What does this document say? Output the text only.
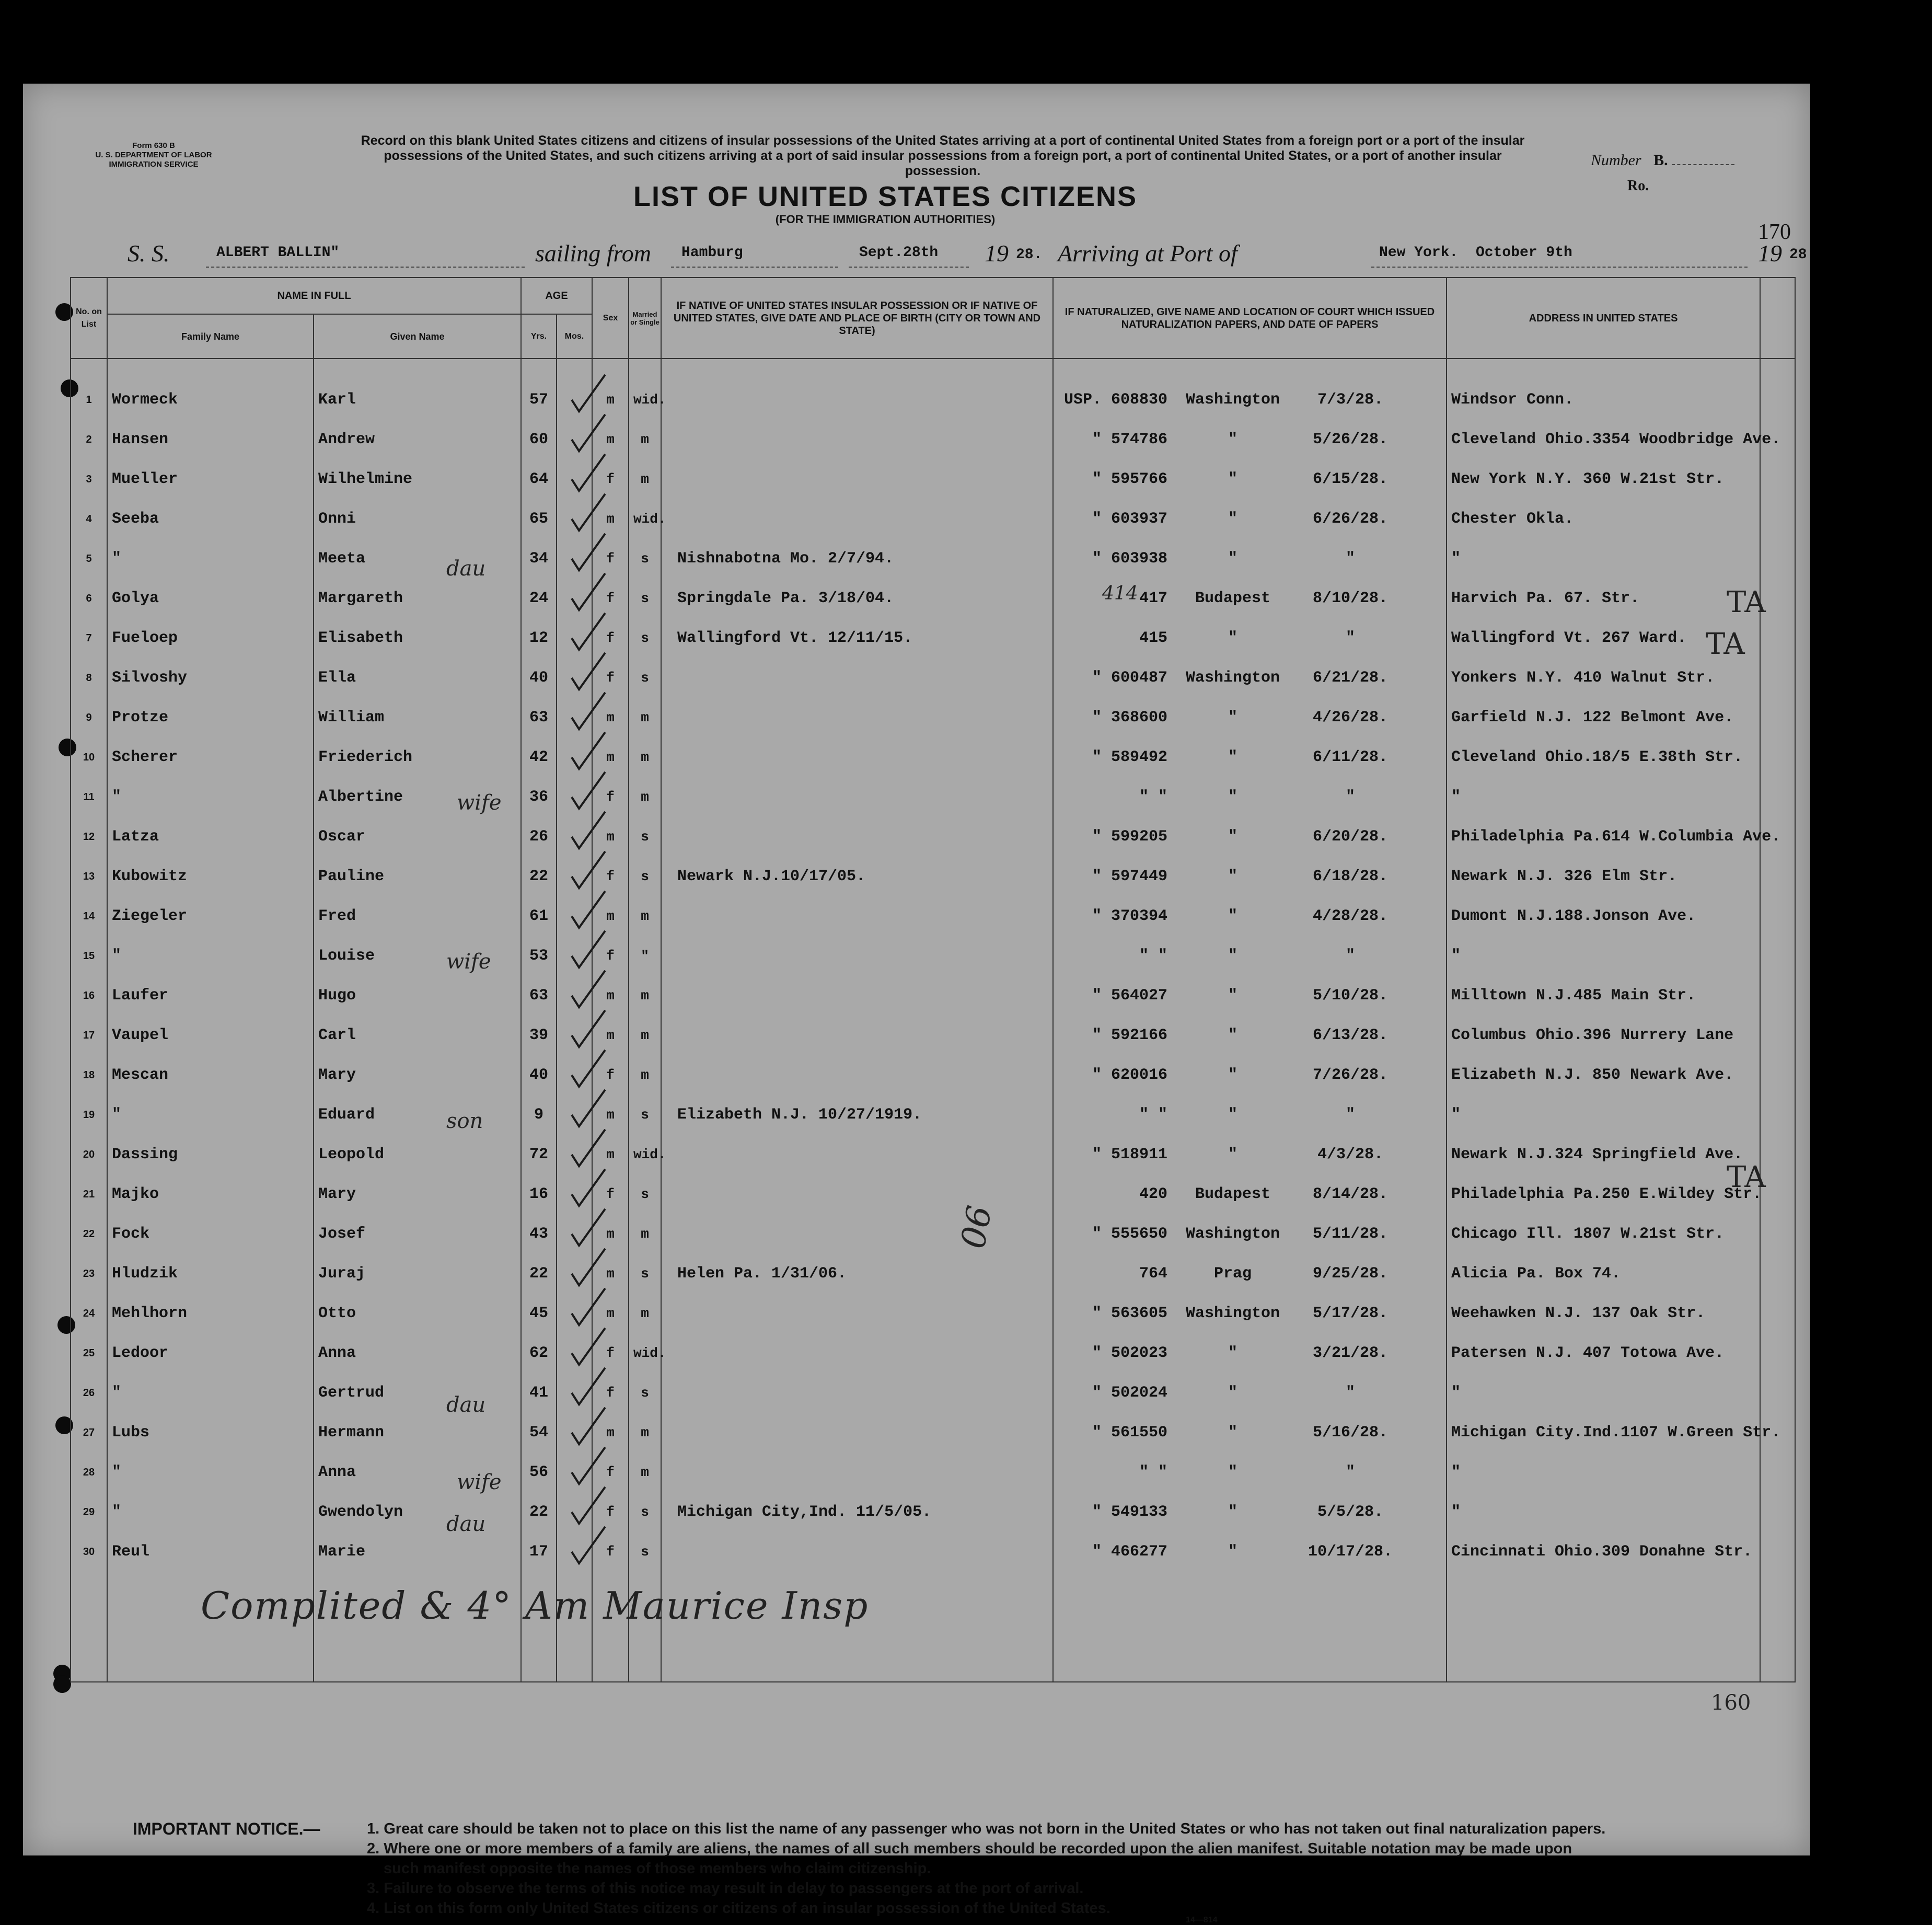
Form 630 B
U. S. DEPARTMENT OF LABOR
IMMIGRATION SERVICE
Record on this blank United States citizens and citizens of insular possessions of the United States arriving at a port of continental United States from a foreign port or a port of the insular possessions of the United States, and such citizens arriving at a port of said insular possessions from a foreign port, a port of continental United States, or a port of another insular possession.
Number B.
Ro.
170
LIST OF UNITED STATES CITIZENS
(FOR THE IMMIGRATION AUTHORITIES)
S. S.	ALBERT BALLIN"	sailing from Hamburg	Sept.28th 19 28. Arriving at Port of	New York. October 9th	19 28
No. on List	NAME IN FULL		AGE		Sex	Married or Single	IF NATIVE OF UNITED STATES INSULAR POSSESSION OR IF NATIVE OF UNITED STATES, GIVE DATE AND PLACE OF BIRTH (CITY OR TOWN AND STATE)	IF NATURALIZED, GIVE NAME AND LOCATION OF COURT WHICH ISSUED NATURALIZATION PAPERS, AND DATE OF PAPERS	ADDRESS IN UNITED STATES	
	Family Name	Given Name	Yrs.	Mos.						

1	Wormeck	Karl	57		m	wid.		USP. 608830 Washington 7/3/28.	Windsor Conn.	
2	Hansen	Andrew	60		m	m		" 574786 " 5/26/28.	Cleveland Ohio.3354 Woodbridge Ave.	
3	Mueller	Wilhelmine	64		f	m		" 595766 " 6/15/28.	New York N.Y. 360 W.21st Str.	
4	Seeba	Onni	65		m	wid.		" 603937 " 6/26/28.	Chester Okla.	
5	"	Meeta	34		f	s	Nishnabotna Mo. 2/7/94.	" 603938 " "	"	
6	Golya	Margareth	24		f	s	Springdale Pa. 3/18/04.	417 Budapest 8/10/28.	Harvich Pa. 67. Str.	
7	Fueloep	Elisabeth	12		f	s	Wallingford Vt. 12/11/15.	415 " "	Wallingford Vt. 267 Ward.	
8	Silvoshy	Ella	40		f	s		" 600487 Washington 6/21/28.	Yonkers N.Y. 410 Walnut Str.	
9	Protze	William	63		m	m		" 368600 " 4/26/28.	Garfield N.J. 122 Belmont Ave.	
10	Scherer	Friederich	42		m	m		" 589492 " 6/11/28.	Cleveland Ohio.18/5 E.38th Str.	
11	"	Albertine	36		f	m		" " " "	"	
12	Latza	Oscar	26		m	s		" 599205 " 6/20/28.	Philadelphia Pa.614 W.Columbia Ave.	
13	Kubowitz	Pauline	22		f	s	Newark N.J.10/17/05.	" 597449 " 6/18/28.	Newark N.J. 326 Elm Str.	
14	Ziegeler	Fred	61		m	m		" 370394 " 4/28/28.	Dumont N.J.188.Jonson Ave.	
15	"	Louise	53		f	"		" " " "	"	
16	Laufer	Hugo	63		m	m		" 564027 " 5/10/28.	Milltown N.J.485 Main Str.	
17	Vaupel	Carl	39		m	m		" 592166 " 6/13/28.	Columbus Ohio.396 Nurrery Lane	
18	Mescan	Mary	40		f	m		" 620016 " 7/26/28.	Elizabeth N.J. 850 Newark Ave.	
19	"	Eduard	9		m	s	Elizabeth N.J. 10/27/1919.	" " " "	"	
20	Dassing	Leopold	72		m	wid.		" 518911 " 4/3/28.	Newark N.J.324 Springfield Ave.	
21	Majko	Mary	16		f	s		420 Budapest 8/14/28.	Philadelphia Pa.250 E.Wildey Str.	
22	Fock	Josef	43		m	m		" 555650 Washington 5/11/28.	Chicago Ill. 1807 W.21st Str.	
23	Hludzik	Juraj	22		m	s	Helen Pa. 1/31/06.	764 Prag 9/25/28.	Alicia Pa. Box 74.	
24	Mehlhorn	Otto	45		m	m		" 563605 Washington 5/17/28.	Weehawken N.J. 137 Oak Str.	
25	Ledoor	Anna	62		f	wid.		" 502023 " 3/21/28.	Patersen N.J. 407 Totowa Ave.	
26	"	Gertrud	41		f	s		" 502024 " "	"	
27	Lubs	Hermann	54		m	m		" 561550 " 5/16/28.	Michigan City.Ind.1107 W.Green Str.	
28	"	Anna	56		f	m		" " " "	"	
29	"	Gwendolyn	22		f	s	Michigan City,Ind. 11/5/05.	" 549133 " 5/5/28.	"	
30	Reul	Marie	17		f	s		" 466277 " 10/17/28.	Cincinnati Ohio.309 Donahne Str.	

dau
wife
wife
son
dau
wife
dau
414	TA
TA
TA
90
Complited & 4° Am Maurice Insp
160
IMPORTANT NOTICE.—	1. Great care should be taken not to place on this list the name of any passenger who was not born in the United States or who has not taken out final naturalization papers.
2. Where one or more members of a family are aliens, the names of all such members should be recorded upon the alien manifest. Suitable notation may be made upon
such manifest opposite the names of those members who claim citizenship.
3. Failure to observe the terms of this notice may result in delay to passengers at the port of arrival.
4. List on this form only United States citizens or citizens of an insular possession of the United States.
14—814
